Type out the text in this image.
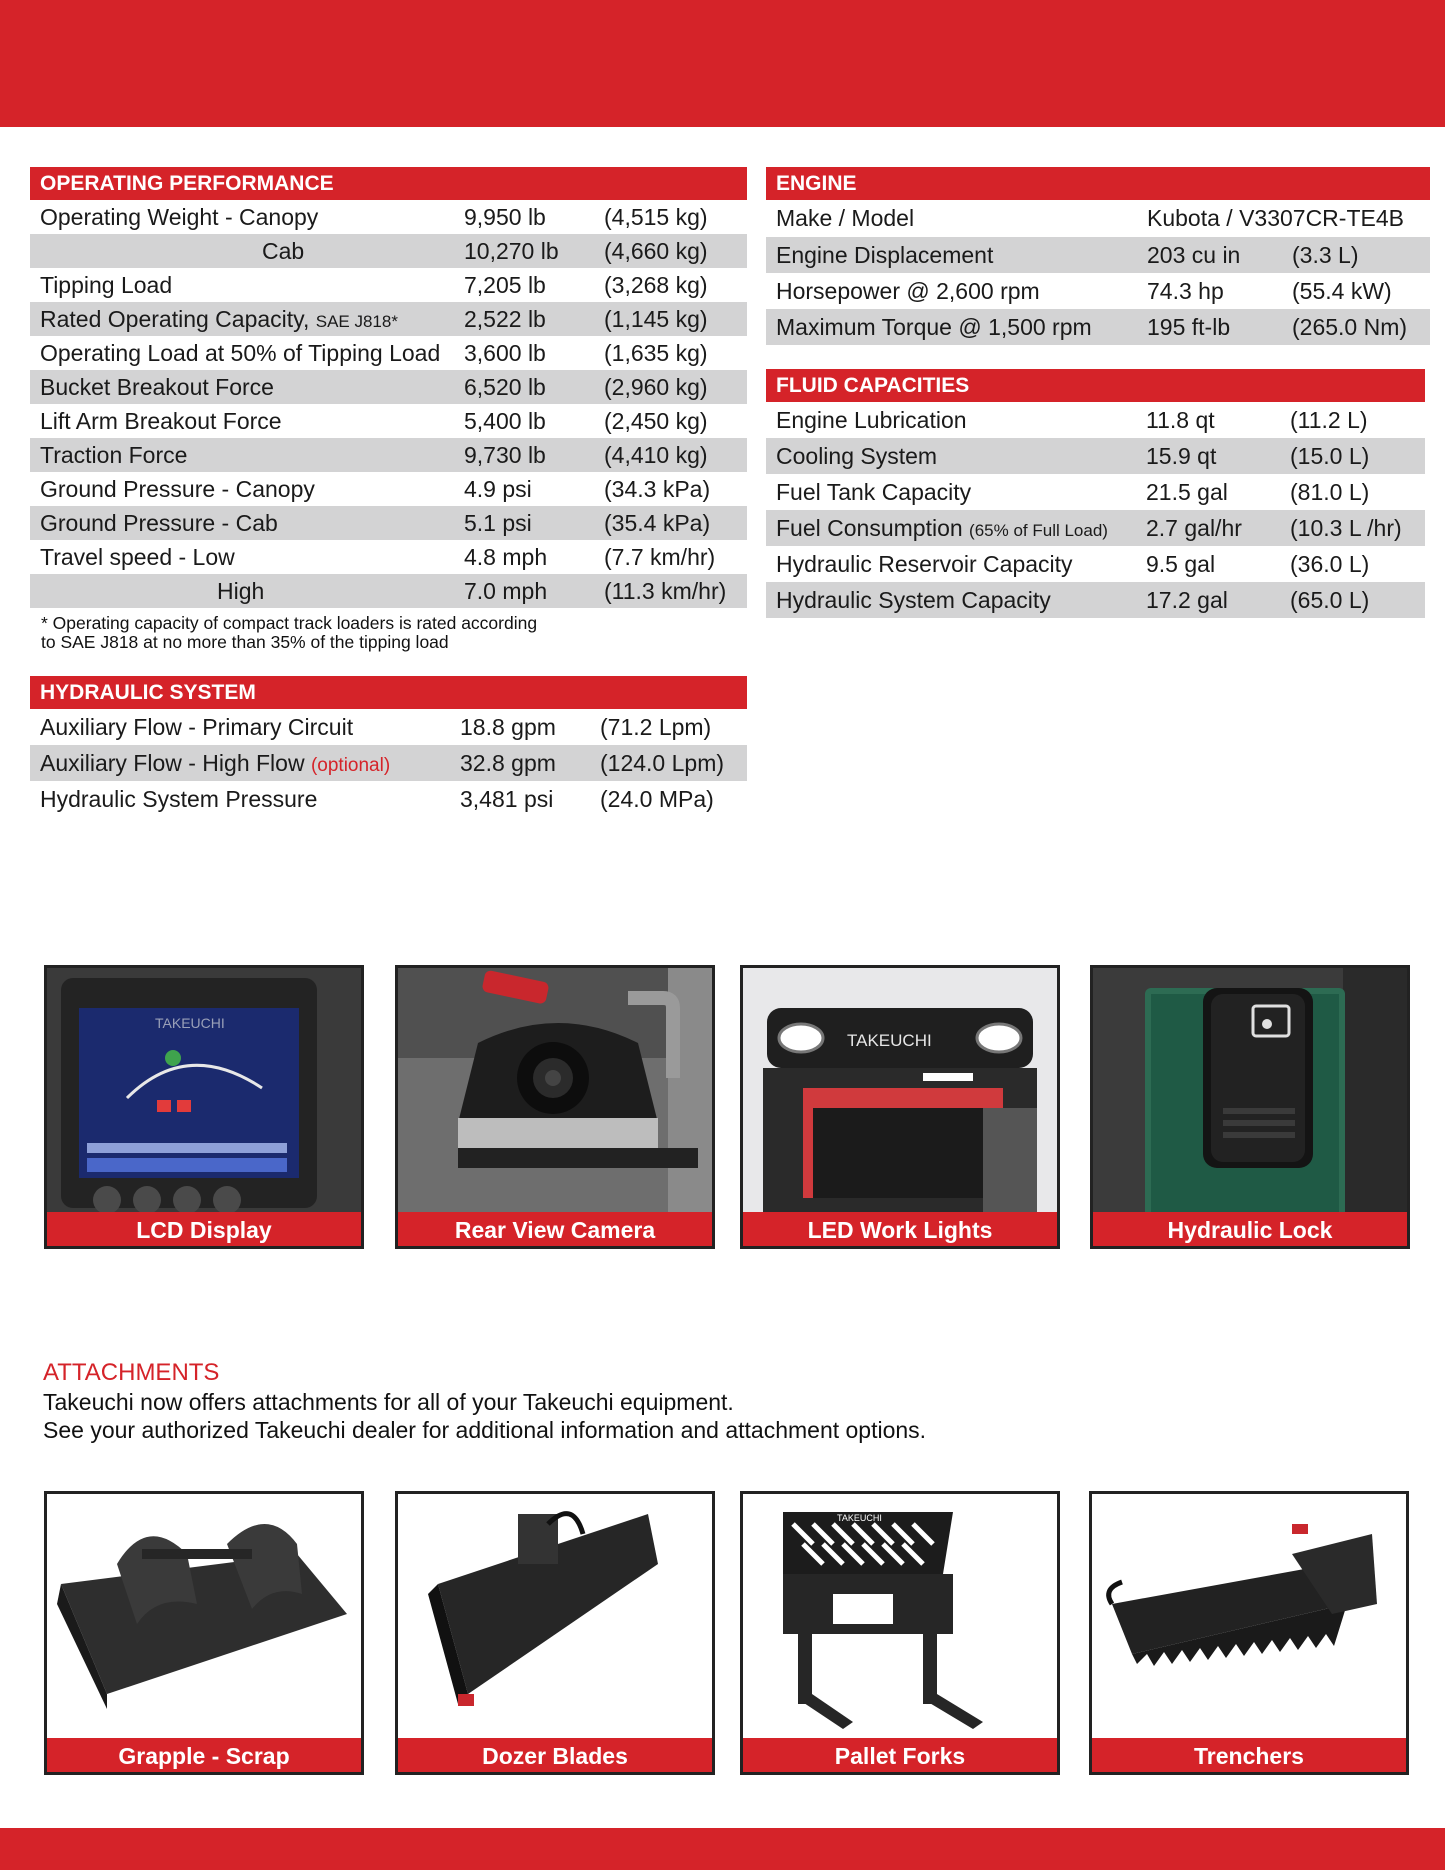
OPERATING PERFORMANCE
Operating Weight - Canopy	9,950 lb	(4,515 kg)
Cab	10,270 lb	(4,660 kg)
Tipping Load	7,205 lb	(3,268 kg)
Rated Operating Capacity, SAE J818*	2,522 lb	(1,145 kg)
Operating Load at 50% of Tipping Load	3,600 lb	(1,635 kg)
Bucket Breakout Force	6,520 lb	(2,960 kg)
Lift Arm Breakout Force	5,400 lb	(2,450 kg)
Traction Force	9,730 lb	(4,410 kg)
Ground Pressure - Canopy	4.9 psi	(34.3 kPa)
Ground Pressure - Cab	5.1 psi	(35.4 kPa)
Travel speed - Low	4.8 mph	(7.7 km/hr)
High	7.0 mph	(11.3 km/hr)
* Operating capacity of compact track loaders is rated according
to SAE J818 at no more than 35% of the tipping load
HYDRAULIC SYSTEM
Auxiliary Flow - Primary Circuit	18.8 gpm	(71.2 Lpm)
Auxiliary Flow - High Flow (optional)	32.8 gpm	(124.0 Lpm)
Hydraulic System Pressure	3,481 psi	(24.0 MPa)
ENGINE
Make / Model	Kubota / V3307CR-TE4B	
Engine Displacement	203 cu in	(3.3 L)
Horsepower @ 2,600 rpm	74.3 hp	(55.4 kW)
Maximum Torque @ 1,500 rpm	195 ft-lb	(265.0 Nm)
FLUID CAPACITIES
Engine Lubrication	11.8 qt	(11.2 L)
Cooling System	15.9 qt	(15.0 L)
Fuel Tank Capacity	21.5 gal	(81.0 L)
Fuel Consumption (65% of Full Load)	2.7 gal/hr	(10.3 L /hr)
Hydraulic Reservoir Capacity	9.5 gal	(36.0 L)
Hydraulic System Capacity	17.2 gal	(65.0 L)
TAKEUCHI
LCD Display	Rear View Camera
TAKEUCHI
LED Work Lights	Hydraulic Lock
ATTACHMENTS
Takeuchi now offers attachments for all of your Takeuchi equipment.
See your authorized Takeuchi dealer for additional information and attachment options.
Grapple - Scrap	Dozer Blades
TAKEUCHI
Pallet Forks	Trenchers
